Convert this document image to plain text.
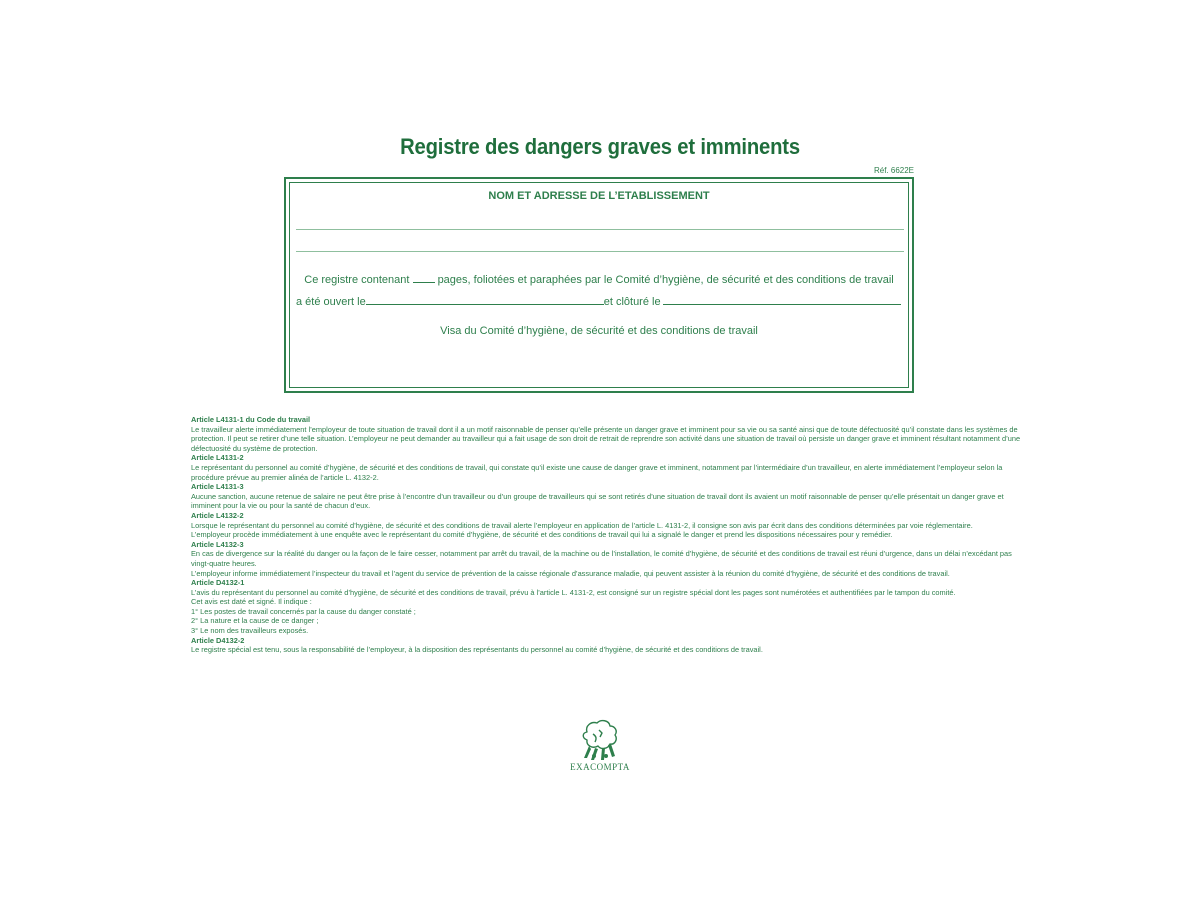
Registre des dangers graves et imminents
Réf. 6622E
NOM ET ADRESSE DE L’ETABLISSEMENT
Ce registre contenant	pages, foliotées et paraphées par le Comité d’hygiène, de sécurité et des conditions de travail
a été ouvert le	et clôturé le
Visa du Comité d’hygiène, de sécurité et des conditions de travail
Article L4131-1 du Code du travail

Le travailleur alerte immédiatement l’employeur de toute situation de travail dont il a un motif raisonnable de penser qu’elle présente un danger grave et imminent pour sa vie ou sa santé ainsi que de toute défectuosité qu’il constate dans les systèmes de protection. Il peut se retirer d’une telle situation. L’employeur ne peut demander au travailleur qui a fait usage de son droit de retrait de reprendre son activité dans une situation de travail où persiste un danger grave et imminent résultant notamment d’une défectuosité du système de protection.

Article L4131-2

Le représentant du personnel au comité d’hygiène, de sécurité et des conditions de travail, qui constate qu’il existe une cause de danger grave et imminent, notamment par l’intermédiaire d’un travailleur, en alerte immédiatement l’employeur selon la procédure prévue au premier alinéa de l’article L. 4132-2.

Article L4131-3

Aucune sanction, aucune retenue de salaire ne peut être prise à l’encontre d’un travailleur ou d’un groupe de travailleurs qui se sont retirés d’une situation de travail dont ils avaient un motif raisonnable de penser qu’elle présentait un danger grave et imminent pour la vie ou pour la santé de chacun d’eux.

Article L4132-2

Lorsque le représentant du personnel au comité d’hygiène, de sécurité et des conditions de travail alerte l’employeur en application de l’article L. 4131-2, il consigne son avis par écrit dans des conditions déterminées par voie réglementaire.

L’employeur procède immédiatement à une enquête avec le représentant du comité d’hygiène, de sécurité et des conditions de travail qui lui a signalé le danger et prend les dispositions nécessaires pour y remédier.

Article L4132-3

En cas de divergence sur la réalité du danger ou la façon de le faire cesser, notamment par arrêt du travail, de la machine ou de l’installation, le comité d’hygiène, de sécurité et des conditions de travail est réuni d’urgence, dans un délai n’excédant pas vingt-quatre heures.

L’employeur informe immédiatement l’inspecteur du travail et l’agent du service de prévention de la caisse régionale d’assurance maladie, qui peuvent assister à la réunion du comité d’hygiène, de sécurité et des conditions de travail.

Article D4132-1

L’avis du représentant du personnel au comité d’hygiène, de sécurité et des conditions de travail, prévu à l’article L. 4131-2, est consigné sur un registre spécial dont les pages sont numérotées et authentifiées par le tampon du comité.

Cet avis est daté et signé. Il indique :

1° Les postes de travail concernés par la cause du danger constaté ;

2° La nature et la cause de ce danger ;

3° Le nom des travailleurs exposés.

Article D4132-2

Le registre spécial est tenu, sous la responsabilité de l’employeur, à la disposition des représentants du personnel au comité d’hygiène, de sécurité et des conditions de travail.

EXACOMPTA
